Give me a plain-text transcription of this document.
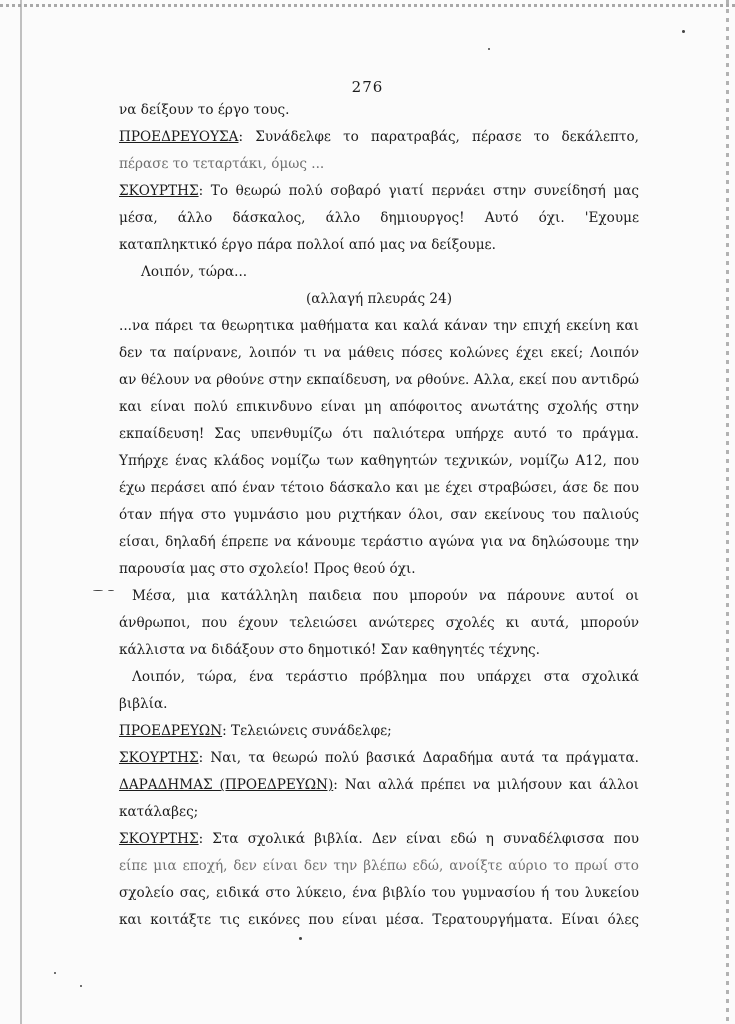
276
να δείξουν το έργο τους.
ΠΡΟΕΔΡΕΥΟΥΣΑ: Συνάδελφε το παρατραβάς, πέρασε το δεκάλεπτο,
πέρασε το τεταρτάκι, όμως ...
ΣΚΟΥΡΤΗΣ: Το θεωρώ πολύ σοβαρό γιατί περνάει στην συνείδησή μας
μέσα, άλλο δάσκαλος, άλλο δημιουργος! Αυτό όχι. 'Εχουμε
καταπληκτικό έργο πάρα πολλοί από μας να δείξουμε.
Λοιπόν, τώρα...
(αλλαγή πλευράς 24)
...να πάρει τα θεωρητικα μαθήματα και καλά κάναν την επιχή εκείνη και
δεν τα παίρνανε, λοιπόν τι να μάθεις πόσες κολώνες έχει εκεί; Λοιπόν
αν θέλουν να ρθούνε στην εκπαίδευση, να ρθούνε. Αλλα, εκεί που αντιδρώ
και είναι πολύ επικινδυνο είναι μη απόφοιτος ανωτάτης σχολής στην
εκπαίδευση! Σας υπενθυμίζω ότι παλιότερα υπήρχε αυτό το πράγμα.
Υπήρχε ένας κλάδος νομίζω των καθηγητών τεχνικών, νομίζω Α12, που
έχω περάσει από έναν τέτοιο δάσκαλο και με έχει στραβώσει, άσε δε που
όταν πήγα στο γυμνάσιο μου ριχτήκαν όλοι, σαν εκείνους του παλιούς
είσαι, δηλαδή έπρεπε να κάνουμε τεράστιο αγώνα για να δηλώσουμε την
παρουσία μας στο σχολείο! Προς θεού όχι.
Μέσα, μια κατάλληλη παιδεια που μπορούν να πάρουνε αυτοί οι
άνθρωποι, που έχουν τελειώσει ανώτερες σχολές κι αυτά, μπορούν
κάλλιστα να διδάξουν στο δημοτικό! Σαν καθηγητές τέχνης.
Λοιπόν, τώρα, ένα τεράστιο πρόβλημα που υπάρχει στα σχολικά
βιβλία.
ΠΡΟΕΔΡΕΥΩΝ: Τελειώνεις συνάδελφε;
ΣΚΟΥΡΤΗΣ: Ναι, τα θεωρώ πολύ βασικά Δαραδήμα αυτά τα πράγματα.
ΔΑΡΑΔΗΜΑΣ (ΠΡΟΕΔΡΕΥΩΝ): Ναι αλλά πρέπει να μιλήσουν και άλλοι
κατάλαβες;
ΣΚΟΥΡΤΗΣ: Στα σχολικά βιβλία. Δεν είναι εδώ η συναδέλφισσα που
είπε μια εποχή, δεν είναι δεν την βλέπω εδώ, ανοίξτε αύριο το πρωί στο
σχολείο σας, ειδικά στο λύκειο, ένα βιβλίο του γυμνασίου ή του λυκείου
και κοιτάξτε τις εικόνες που είναι μέσα. Τερατουργήματα. Είναι όλες
